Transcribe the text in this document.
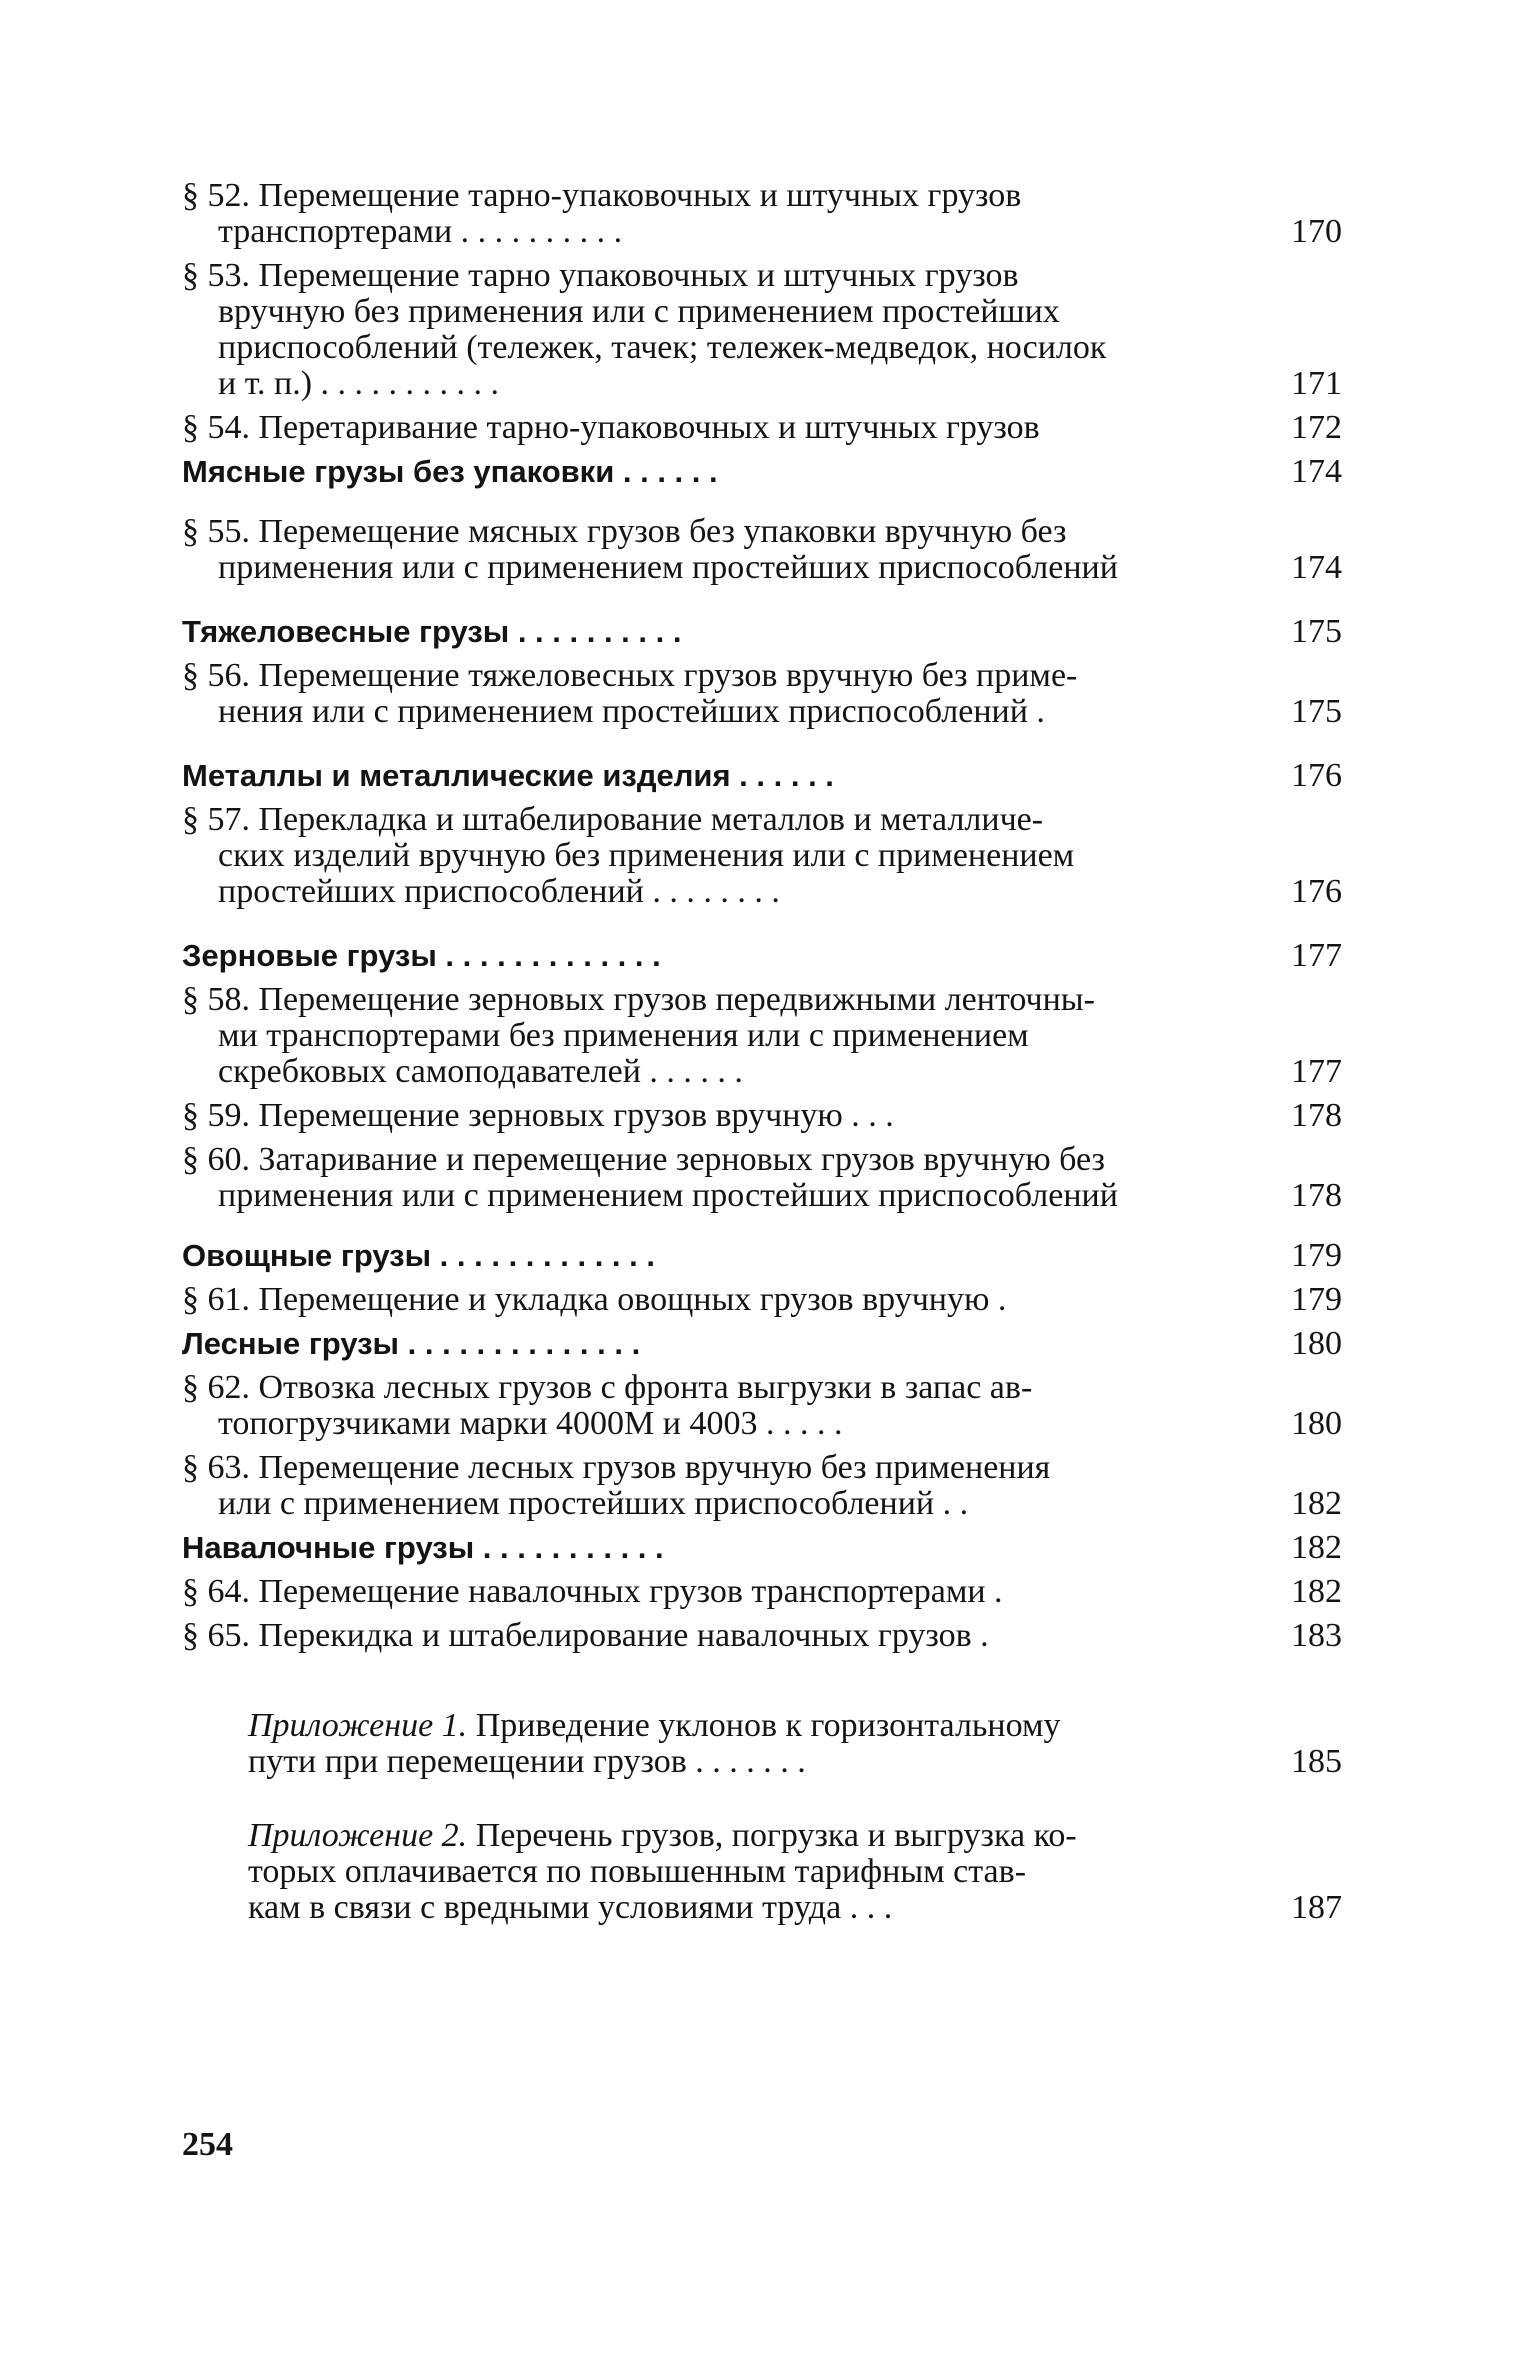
§ 52. Перемещение тарно-упаковочных и штучных грузов
транспортерами . . . . . . . . . .	170
§ 53. Перемещение тарно упаковочных и штучных грузов
вручную без применения или с применением простейших
приспособлений (тележек, тачек; тележек-медведок, носилок
и т. п.) . . . . . . . . . . .	171
§ 54. Перетаривание тарно-упаковочных и штучных грузов	172
Мясные грузы без упаковки . . . . . .	174
§ 55. Перемещение мясных грузов без упаковки вручную без
применения или с применением простейших приспособлений	174
Тяжеловесные грузы . . . . . . . . . .	175
§ 56. Перемещение тяжеловесных грузов вручную без приме-
нения или с применением простейших приспособлений .	175
Металлы и металлические изделия . . . . . .	176
§ 57. Перекладка и штабелирование металлов и металличе-
ских изделий вручную без применения или с применением
простейших приспособлений . . . . . . . .	176
Зерновые грузы . . . . . . . . . . . . .	177
§ 58. Перемещение зерновых грузов передвижными ленточны-
ми транспортерами без применения или с применением
скребковых самоподавателей . . . . . .	177
§ 59. Перемещение зерновых грузов вручную . . .	178
§ 60. Затаривание и перемещение зерновых грузов вручную без
применения или с применением простейших приспособлений	178
Овощные грузы . . . . . . . . . . . . .	179
§ 61. Перемещение и укладка овощных грузов вручную .	179
Лесные грузы . . . . . . . . . . . . . .	180
§ 62. Отвозка лесных грузов с фронта выгрузки в запас ав-
топогрузчиками марки 4000М и 4003 . . . . .	180
§ 63. Перемещение лесных грузов вручную без применения
или с применением простейших приспособлений . .	182
Навалочные грузы . . . . . . . . . . .	182
§ 64. Перемещение навалочных грузов транспортерами .	182
§ 65. Перекидка и штабелирование навалочных грузов .	183
Приложение 1. Приведение уклонов к горизонтальному
пути при перемещении грузов . . . . . . .	185
Приложение 2. Перечень грузов, погрузка и выгрузка ко-
торых оплачивается по повышенным тарифным став-
кам в связи с вредными условиями труда . . .	187
254
